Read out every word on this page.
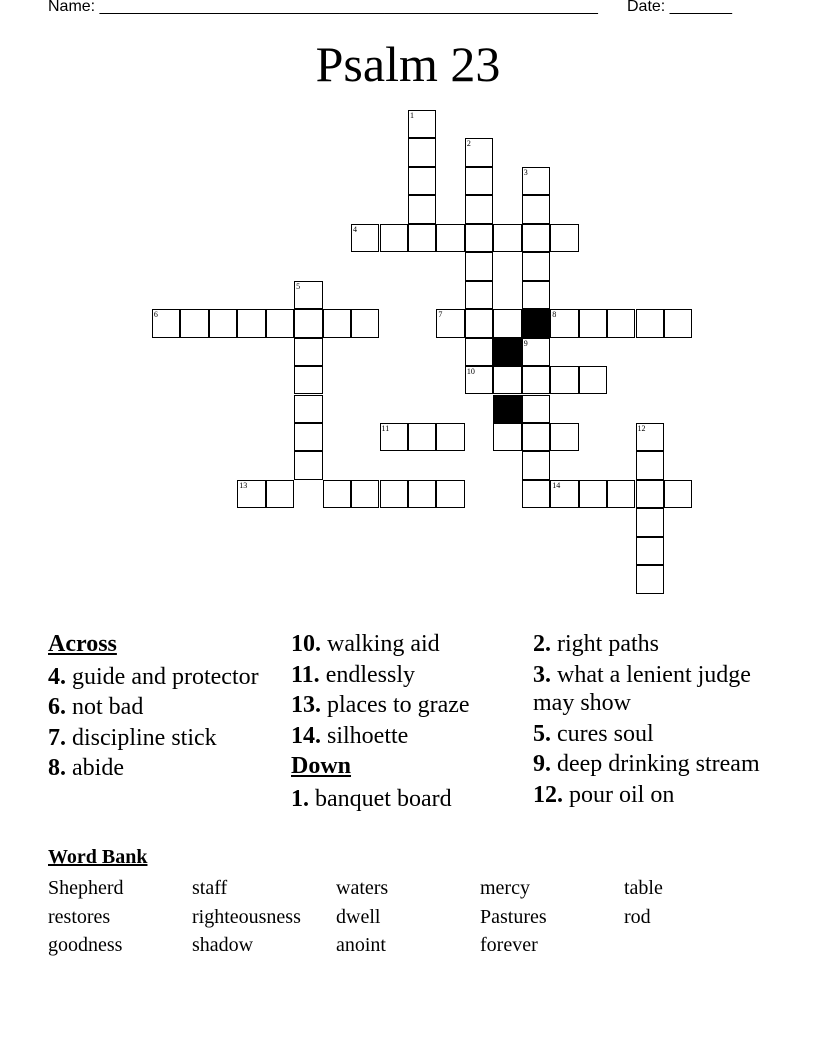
Name: ________________________________________________________ Date: _______
Psalm 23
1
2
3
4
5
6	7	8
9
10
11	12
13	14
Across
4. guide and protector
6. not bad
7. discipline stick
8. abide
10. walking aid
11. endlessly
13. places to graze
14. silhoette
Down
1. banquet board
2. right paths
3. what a lenient judge may show
5. cures soul
9. deep drinking stream
12. pour oil on
Word Bank
Shepherd	staff	waters	mercy	table
restores	righteousness	dwell	Pastures	rod
goodness	shadow	anoint	forever
